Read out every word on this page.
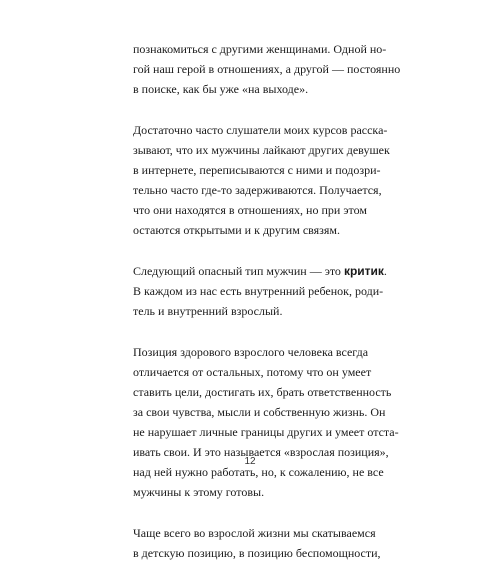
познакомиться с другими женщинами. Одной но-
гой наш герой в отношениях, а другой — постоянно
в поиске, как бы уже «на выходе».

Достаточно часто слушатели моих курсов расска-
зывают, что их мужчины лайкают других девушек
в интернете, переписываются с ними и подозри-
тельно часто где-то задерживаются. Получается,
что они находятся в отношениях, но при этом
остаются открытыми и к другим связям.

Следующий опасный тип мужчин — это критик.
В каждом из нас есть внутренний ребенок, роди-
тель и внутренний взрослый.

Позиция здорового взрослого человека всегда
отличается от остальных, потому что он умеет
ставить цели, достигать их, брать ответственность
за свои чувства, мысли и собственную жизнь. Он
не нарушает личные границы других и умеет отста-
ивать свои. И это называется «взрослая позиция»,
над ней нужно работать, но, к сожалению, не все
мужчины к этому готовы.

Чаще всего во взрослой жизни мы скатываемся
в детскую позицию, в позицию беспомощности,

12
